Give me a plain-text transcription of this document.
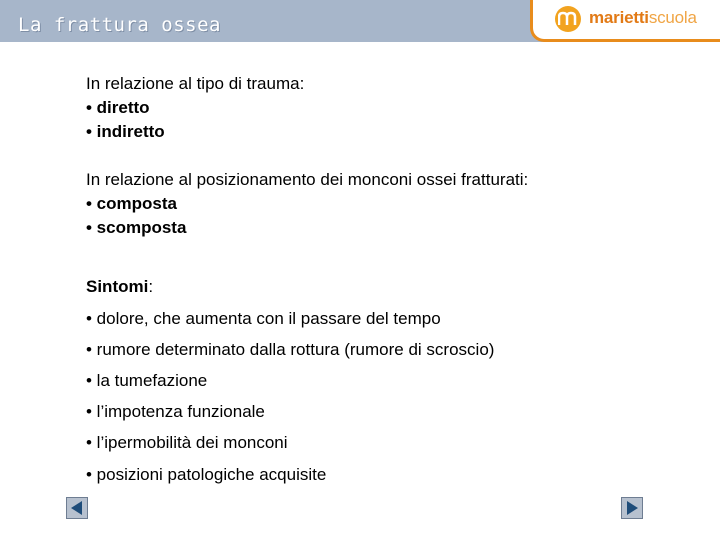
La frattura ossea	mariettiscuola
In relazione al tipo di trauma:
• diretto
• indiretto
In relazione al posizionamento dei monconi ossei fratturati:
• composta
• scomposta
Sintomi:
• dolore, che aumenta con il passare del tempo
• rumore determinato dalla rottura (rumore di scroscio)
• la tumefazione
• l’impotenza funzionale
• l’ipermobilità dei monconi
• posizioni patologiche acquisite
